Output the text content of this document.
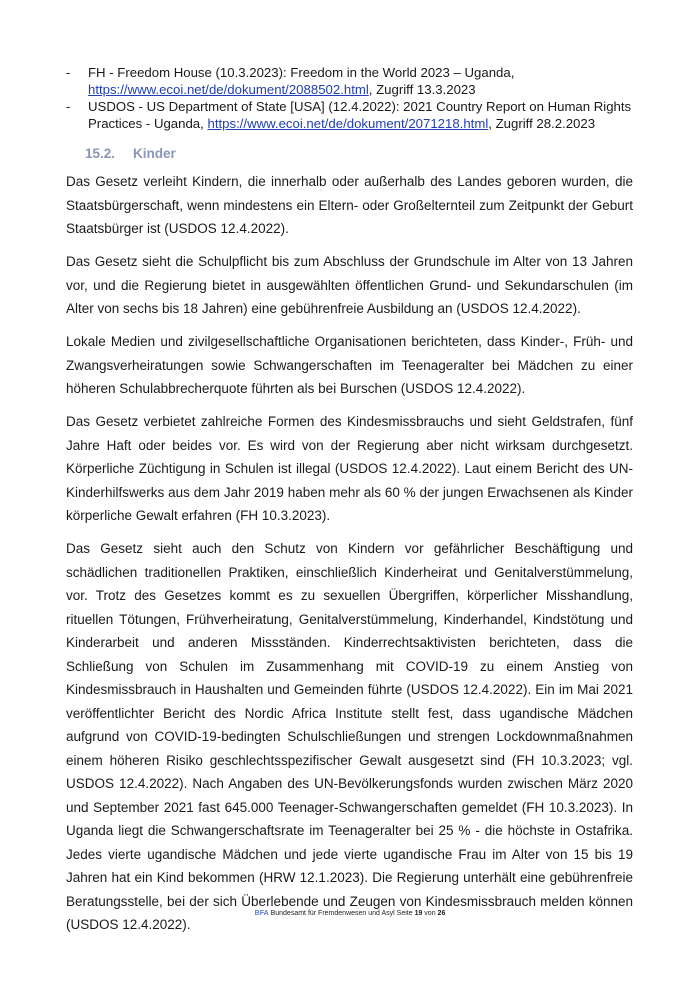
-	FH - Freedom House (10.3.2023): Freedom in the World 2023 – Uganda,
https://www.ecoi.net/de/dokument/2088502.html, Zugriff 13.3.2023
-	USDOS - US Department of State [USA] (12.4.2022): 2021 Country Report on Human Rights Practices - Uganda, https://www.ecoi.net/de/dokument/2071218.html, Zugriff 28.2.2023
15.2. Kinder

Das Gesetz verleiht Kindern, die innerhalb oder außerhalb des Landes geboren wurden, die Staatsbürgerschaft, wenn mindestens ein Eltern- oder Großelternteil zum Zeitpunkt der Geburt Staatsbürger ist (USDOS 12.4.2022).

Das Gesetz sieht die Schulpflicht bis zum Abschluss der Grundschule im Alter von 13 Jahren vor, und die Regierung bietet in ausgewählten öffentlichen Grund- und Sekundarschulen (im Alter von sechs bis 18 Jahren) eine gebührenfreie Ausbildung an (USDOS 12.4.2022).

Lokale Medien und zivilgesellschaftliche Organisationen berichteten, dass Kinder-, Früh- und Zwangsverheiratungen sowie Schwangerschaften im Teenageralter bei Mädchen zu einer höheren Schulabbrecherquote führten als bei Burschen (USDOS 12.4.2022).

Das Gesetz verbietet zahlreiche Formen des Kindesmissbrauchs und sieht Geldstrafen, fünf Jahre Haft oder beides vor. Es wird von der Regierung aber nicht wirksam durchgesetzt. Körperliche Züchtigung in Schulen ist illegal (USDOS 12.4.2022). Laut einem Bericht des UN-Kinderhilfswerks aus dem Jahr 2019 haben mehr als 60 % der jungen Erwachsenen als Kinder körperliche Gewalt erfahren (FH 10.3.2023).

Das Gesetz sieht auch den Schutz von Kindern vor gefährlicher Beschäftigung und schädlichen traditionellen Praktiken, einschließlich Kinderheirat und Genitalverstümmelung, vor. Trotz des Gesetzes kommt es zu sexuellen Übergriffen, körperlicher Misshandlung, rituellen Tötungen, Frühverheiratung, Genitalverstümmelung, Kinderhandel, Kindstötung und Kinderarbeit und anderen Missständen. Kinderrechtsaktivisten berichteten, dass die Schließung von Schulen im Zusammenhang mit COVID-19 zu einem Anstieg von Kindesmissbrauch in Haushalten und Gemeinden führte (USDOS 12.4.2022). Ein im Mai 2021 veröffentlichter Bericht des Nordic Africa Institute stellt fest, dass ugandische Mädchen aufgrund von COVID-19-bedingten Schulschließungen und strengen Lockdownmaßnahmen einem höheren Risiko geschlechtsspezifischer Gewalt ausgesetzt sind (FH 10.3.2023; vgl. USDOS 12.4.2022). Nach Angaben des UN-Bevölkerungsfonds wurden zwischen März 2020 und September 2021 fast 645.000 Teenager-Schwangerschaften gemeldet (FH 10.3.2023). In Uganda liegt die Schwangerschaftsrate im Teenageralter bei 25 % - die höchste in Ostafrika. Jedes vierte ugandische Mädchen und jede vierte ugandische Frau im Alter von 15 bis 19 Jahren hat ein Kind bekommen (HRW 12.1.2023). Die Regierung unterhält eine gebührenfreie Beratungsstelle, bei der sich Überlebende und Zeugen von Kindesmissbrauch melden können (USDOS 12.4.2022).

BFA Bundesamt für Fremdenwesen und Asyl Seite 19 von 26
